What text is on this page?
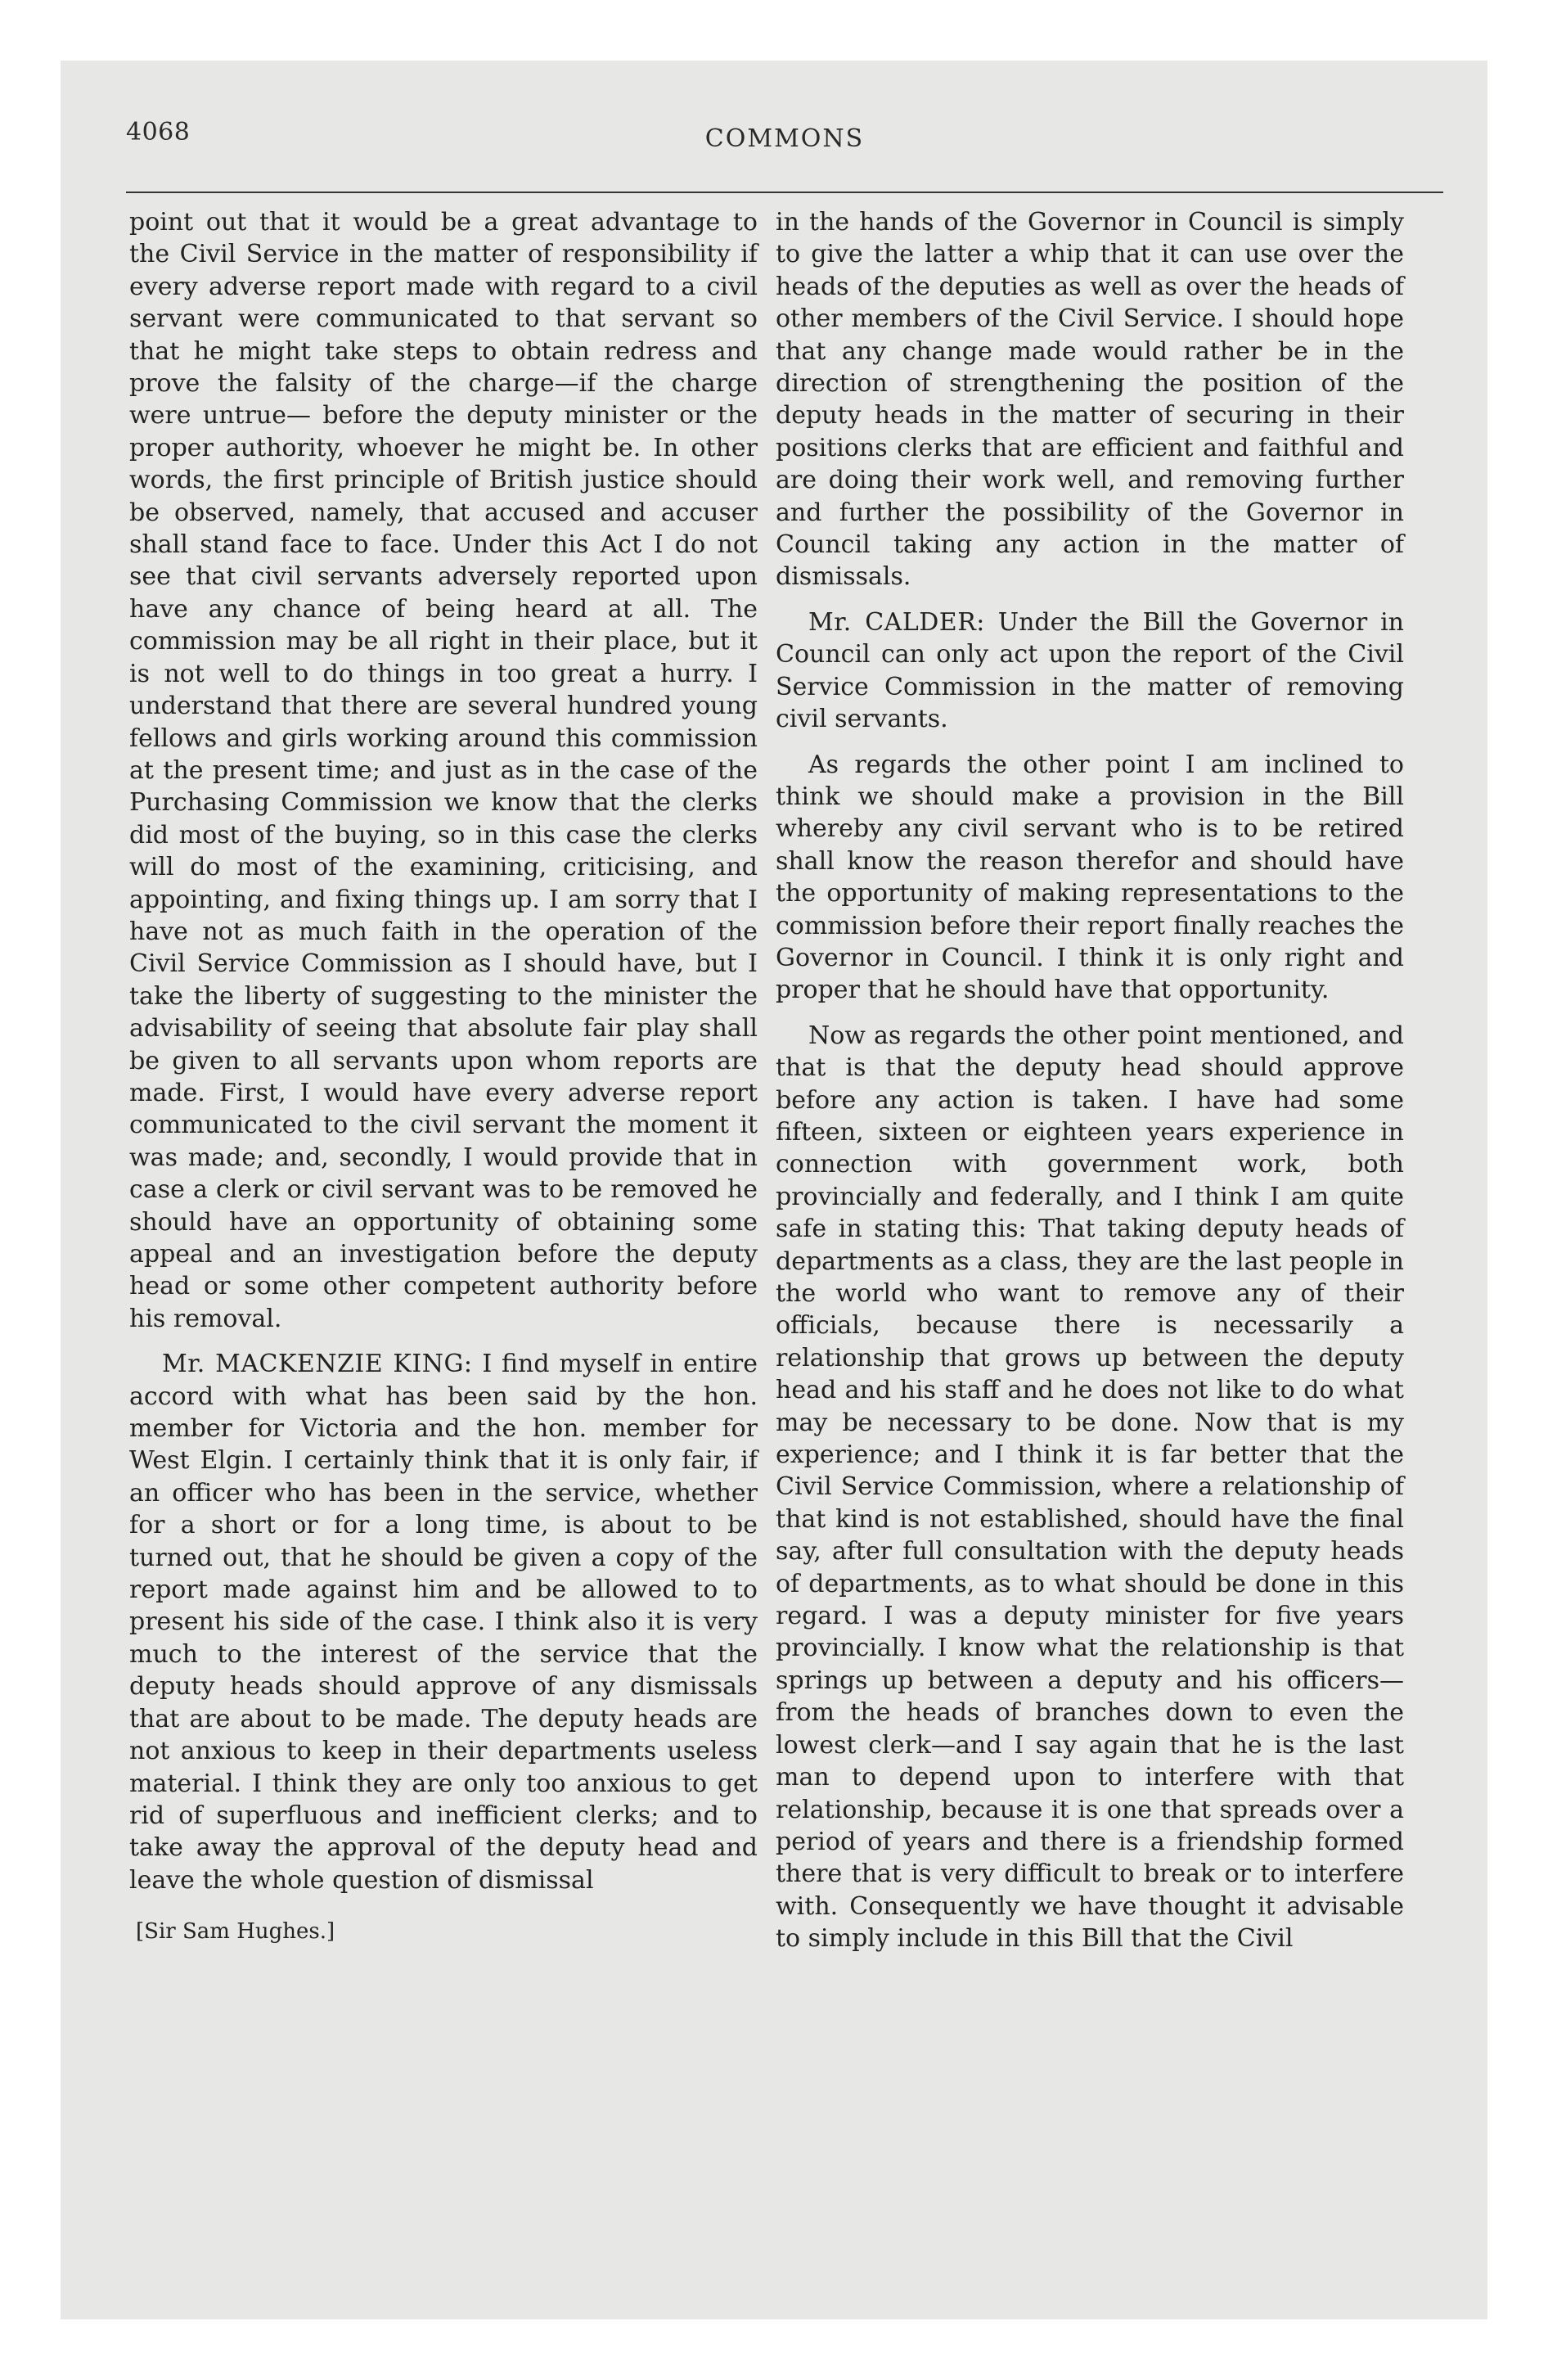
4068	COMMONS

point out that it would be a great advantage to the Civil Service in the matter of responsibility if every adverse report made with regard to a civil servant were communicated to that servant so that he might take steps to obtain redress and prove the falsity of the charge—if the charge were untrue— before the deputy minister or the proper authority, whoever he might be. In other words, the first principle of British justice should be observed, namely, that accused and accuser shall stand face to face. Under this Act I do not see that civil servants adversely reported upon have any chance of being heard at all. The commission may be all right in their place, but it is not well to do things in too great a hurry. I understand that there are several hundred young fellows and girls working around this commission at the present time; and just as in the case of the Purchasing Commission we know that the clerks did most of the buying, so in this case the clerks will do most of the examining, criticising, and appointing, and fixing things up. I am sorry that I have not as much faith in the operation of the Civil Service Commission as I should have, but I take the liberty of suggesting to the minister the advisability of seeing that absolute fair play shall be given to all servants upon whom reports are made. First, I would have every adverse report communicated to the civil servant the moment it was made; and, secondly, I would provide that in case a clerk or civil servant was to be removed he should have an opportunity of obtaining some appeal and an investigation before the deputy head or some other competent authority before his removal.

Mr. MACKENZIE KING: I find myself in entire accord with what has been said by the hon. member for Victoria and the hon. member for West Elgin. I certainly think that it is only fair, if an officer who has been in the service, whether for a short or for a long time, is about to be turned out, that he should be given a copy of the report made against him and be allowed to to present his side of the case. I think also it is very much to the interest of the service that the deputy heads should approve of any dismissals that are about to be made. The deputy heads are not anxious to keep in their departments useless material. I think they are only too anxious to get rid of superfluous and inefficient clerks; and to take away the approval of the deputy head and leave the whole question of dismissal

[Sir Sam Hughes.]

in the hands of the Governor in Council is simply to give the latter a whip that it can use over the heads of the deputies as well as over the heads of other members of the Civil Service. I should hope that any change made would rather be in the direction of strengthening the position of the deputy heads in the matter of securing in their positions clerks that are efficient and faithful and are doing their work well, and removing further and further the possibility of the Governor in Council taking any action in the matter of dismissals.

Mr. CALDER: Under the Bill the Governor in Council can only act upon the report of the Civil Service Commission in the matter of removing civil servants.

As regards the other point I am inclined to think we should make a provision in the Bill whereby any civil servant who is to be retired shall know the reason therefor and should have the opportunity of making representations to the commission before their report finally reaches the Governor in Council. I think it is only right and proper that he should have that opportunity.

Now as regards the other point mentioned, and that is that the deputy head should approve before any action is taken. I have had some fifteen, sixteen or eighteen years experience in connection with government work, both provincially and federally, and I think I am quite safe in stating this: That taking deputy heads of departments as a class, they are the last people in the world who want to remove any of their officials, because there is necessarily a relationship that grows up between the deputy head and his staff and he does not like to do what may be necessary to be done. Now that is my experience; and I think it is far better that the Civil Service Commission, where a relationship of that kind is not established, should have the final say, after full consultation with the deputy heads of departments, as to what should be done in this regard. I was a deputy minister for five years provincially. I know what the relationship is that springs up between a deputy and his officers—from the heads of branches down to even the lowest clerk—and I say again that he is the last man to depend upon to interfere with that relationship, because it is one that spreads over a period of years and there is a friendship formed there that is very difficult to break or to interfere with. Consequently we have thought it advisable to simply include in this Bill that the Civil
